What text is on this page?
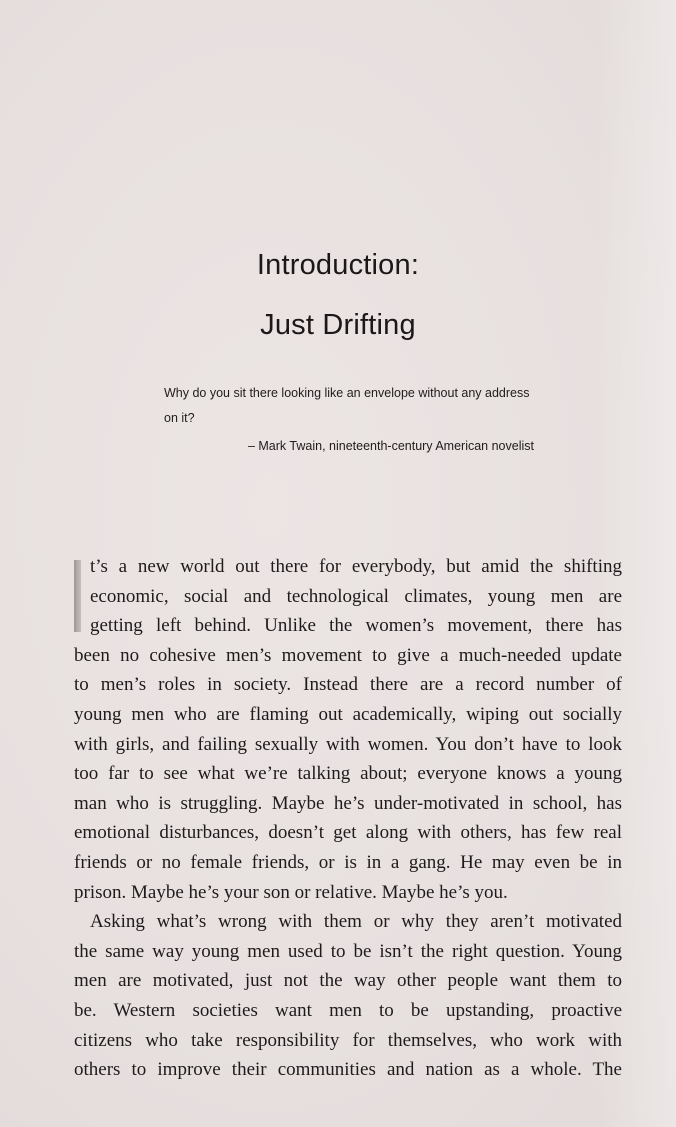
Introduction:
Just Drifting
Why do you sit there looking like an envelope without any address on it?
– Mark Twain, nineteenth-century American novelist
t’s a new world out there for everybody, but amid the shifting
economic, social and technological climates, young men are
getting left behind. Unlike the women’s movement, there has
been no cohesive men’s movement to give a much-needed update
to men’s roles in society. Instead there are a record number of
young men who are flaming out academically, wiping out socially
with girls, and failing sexually with women. You don’t have to look
too far to see what we’re talking about; everyone knows a young
man who is struggling. Maybe he’s under-motivated in school, has
emotional disturbances, doesn’t get along with others, has few real
friends or no female friends, or is in a gang. He may even be in
prison. Maybe he’s your son or relative. Maybe he’s you.
Asking what’s wrong with them or why they aren’t motivated
the same way young men used to be isn’t the right question. Young
men are motivated, just not the way other people want them to
be. Western societies want men to be upstanding, proactive
citizens who take responsibility for themselves, who work with
others to improve their communities and nation as a whole. The
